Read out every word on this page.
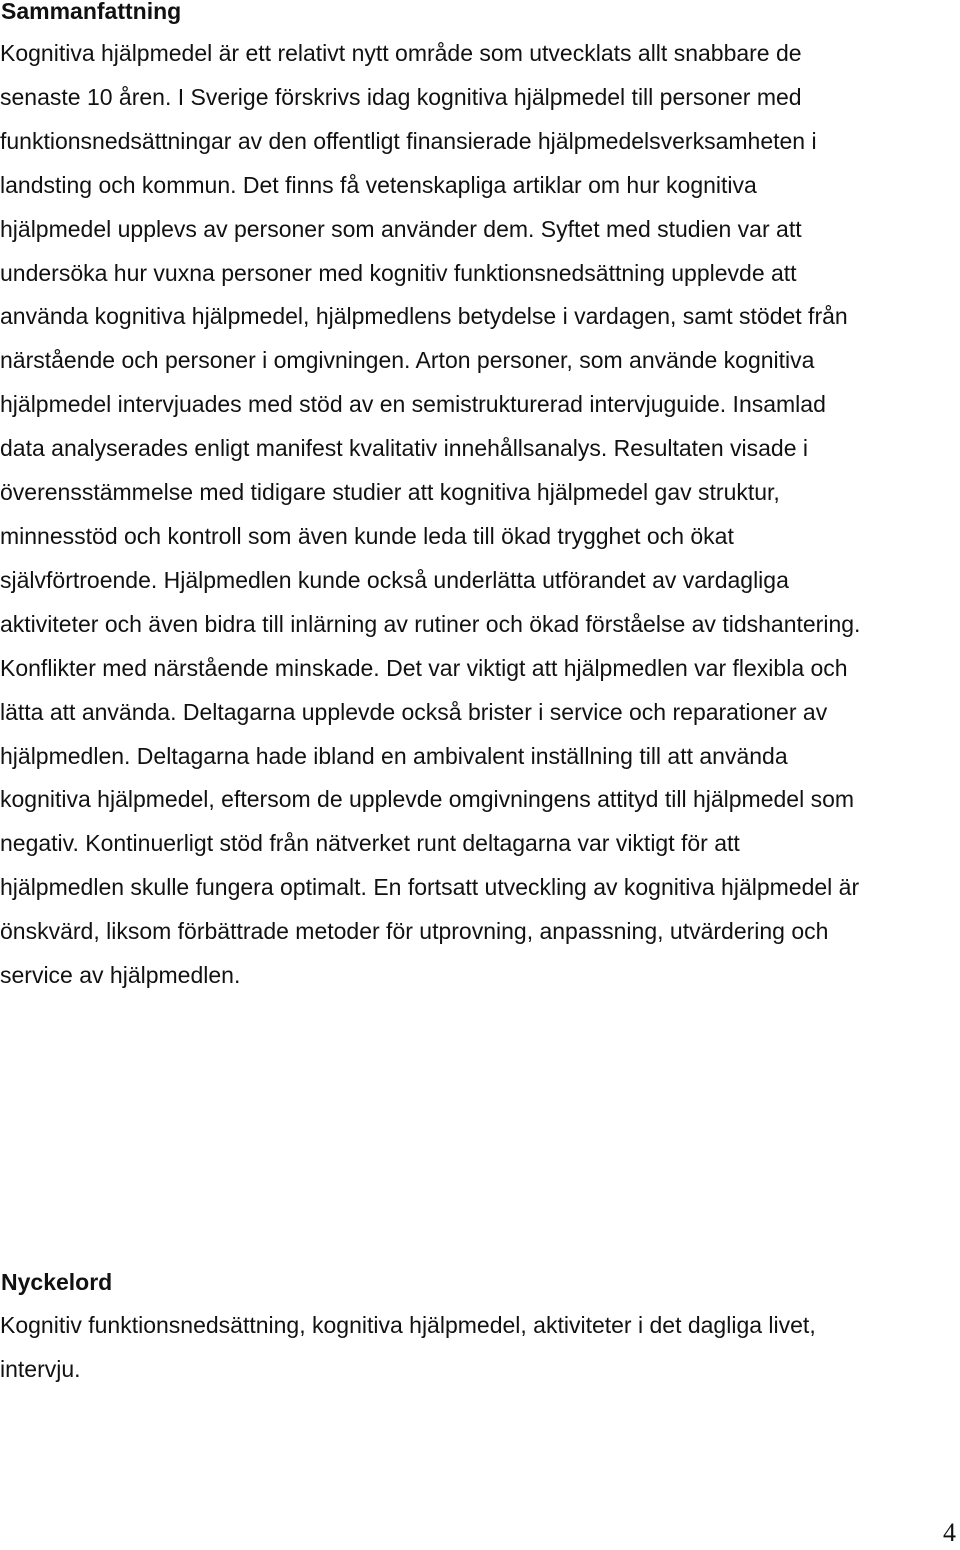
Sammanfattning
Kognitiva hjälpmedel är ett relativt nytt område som utvecklats allt snabbare de
senaste 10 åren. I Sverige förskrivs idag kognitiva hjälpmedel till personer med
funktionsnedsättningar av den offentligt finansierade hjälpmedelsverksamheten i
landsting och kommun. Det finns få vetenskapliga artiklar om hur kognitiva
hjälpmedel upplevs av personer som använder dem. Syftet med studien var att
undersöka hur vuxna personer med kognitiv funktionsnedsättning upplevde att
använda kognitiva hjälpmedel, hjälpmedlens betydelse i vardagen, samt stödet från
närstående och personer i omgivningen. Arton personer, som använde kognitiva
hjälpmedel intervjuades med stöd av en semistrukturerad intervjuguide. Insamlad
data analyserades enligt manifest kvalitativ innehållsanalys. Resultaten visade i
överensstämmelse med tidigare studier att kognitiva hjälpmedel gav struktur,
minnesstöd och kontroll som även kunde leda till ökad trygghet och ökat
självförtroende. Hjälpmedlen kunde också underlätta utförandet av vardagliga
aktiviteter och även bidra till inlärning av rutiner och ökad förståelse av tidshantering.
Konflikter med närstående minskade. Det var viktigt att hjälpmedlen var flexibla och
lätta att använda. Deltagarna upplevde också brister i service och reparationer av
hjälpmedlen. Deltagarna hade ibland en ambivalent inställning till att använda
kognitiva hjälpmedel, eftersom de upplevde omgivningens attityd till hjälpmedel som
negativ. Kontinuerligt stöd från nätverket runt deltagarna var viktigt för att
hjälpmedlen skulle fungera optimalt. En fortsatt utveckling av kognitiva hjälpmedel är
önskvärd, liksom förbättrade metoder för utprovning, anpassning, utvärdering och
service av hjälpmedlen.
Nyckelord
Kognitiv funktionsnedsättning, kognitiva hjälpmedel, aktiviteter i det dagliga livet,
intervju.
4
